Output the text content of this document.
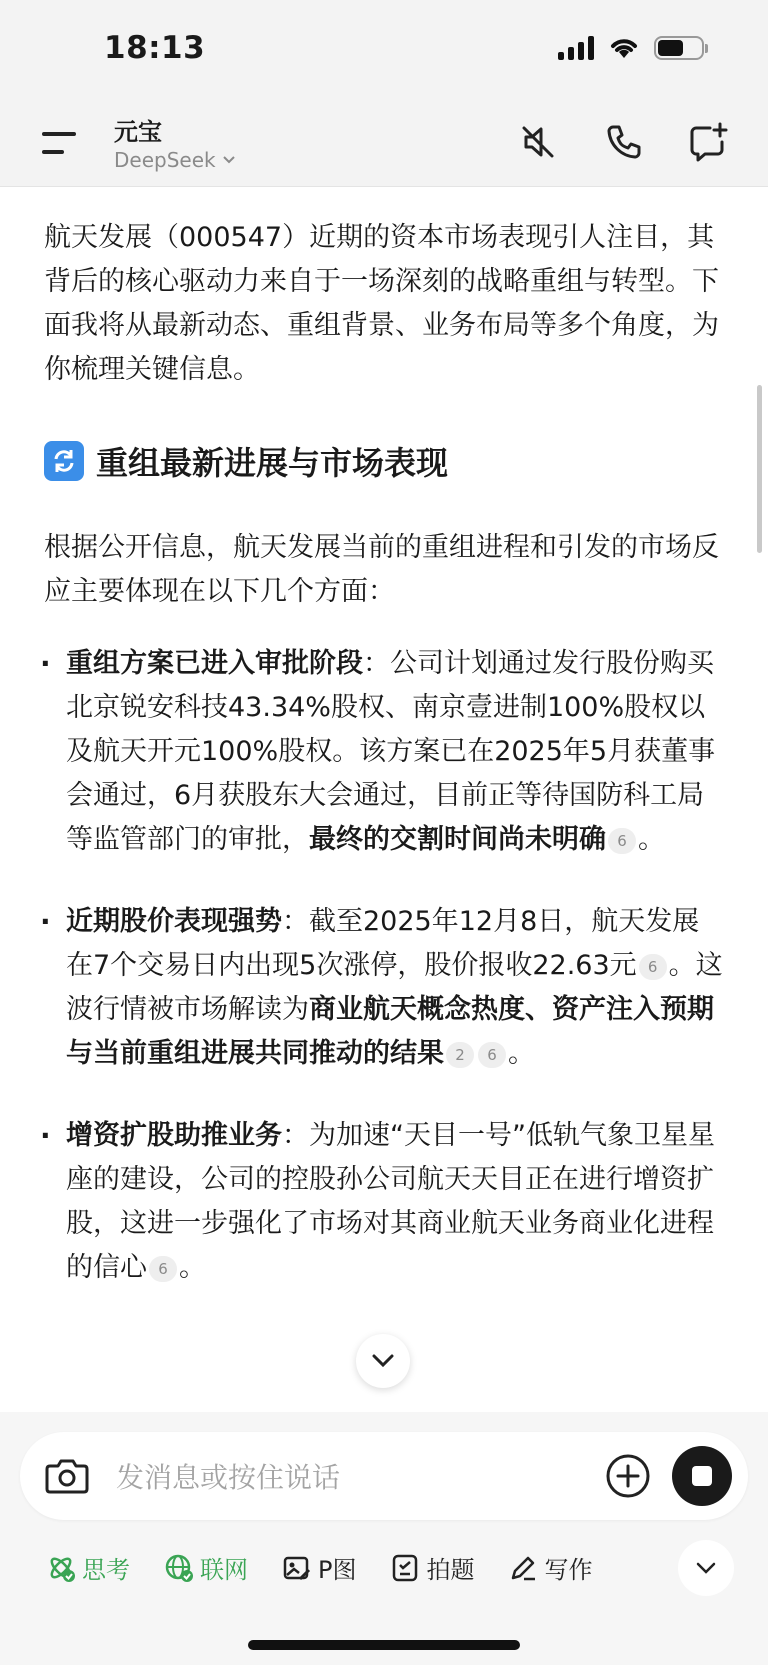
18:13
元宝
DeepSeek

航天发展（000547）近期的资本市场表现引人注目，其背后的核心驱动力来自于一场深刻的战略重组与转型。下面我将从最新动态、重组背景、业务布局等多个角度，为你梳理关键信息。

重组最新进展与市场表现

根据公开信息，航天发展当前的重组进程和引发的市场反应主要体现在以下几个方面：

· 重组方案已进入审批阶段：公司计划通过发行股份购买北京锐安科技43.34%股权、南京壹进制100%股权以及航天开元100%股权。该方案已在2025年5月获董事会通过，6月获股东大会通过，目前正等待国防科工局等监管部门的审批，最终的交割时间尚未明确 6 。
· 近期股价表现强势：截至2025年12月8日，航天发展在7个交易日内出现5次涨停，股价报收22.63元 6 。这波行情被市场解读为商业航天概念热度、资产注入预期与当前重组进展共同推动的结果 2 6 。
· 增资扩股助推业务：为加速“天目一号”低轨气象卫星星座的建设，公司的控股孙公司航天天目正在进行增资扩股，这进一步强化了市场对其商业航天业务商业化进程的信心 6 。
发消息或按住说话
思考	联网	P图	拍题	写作
